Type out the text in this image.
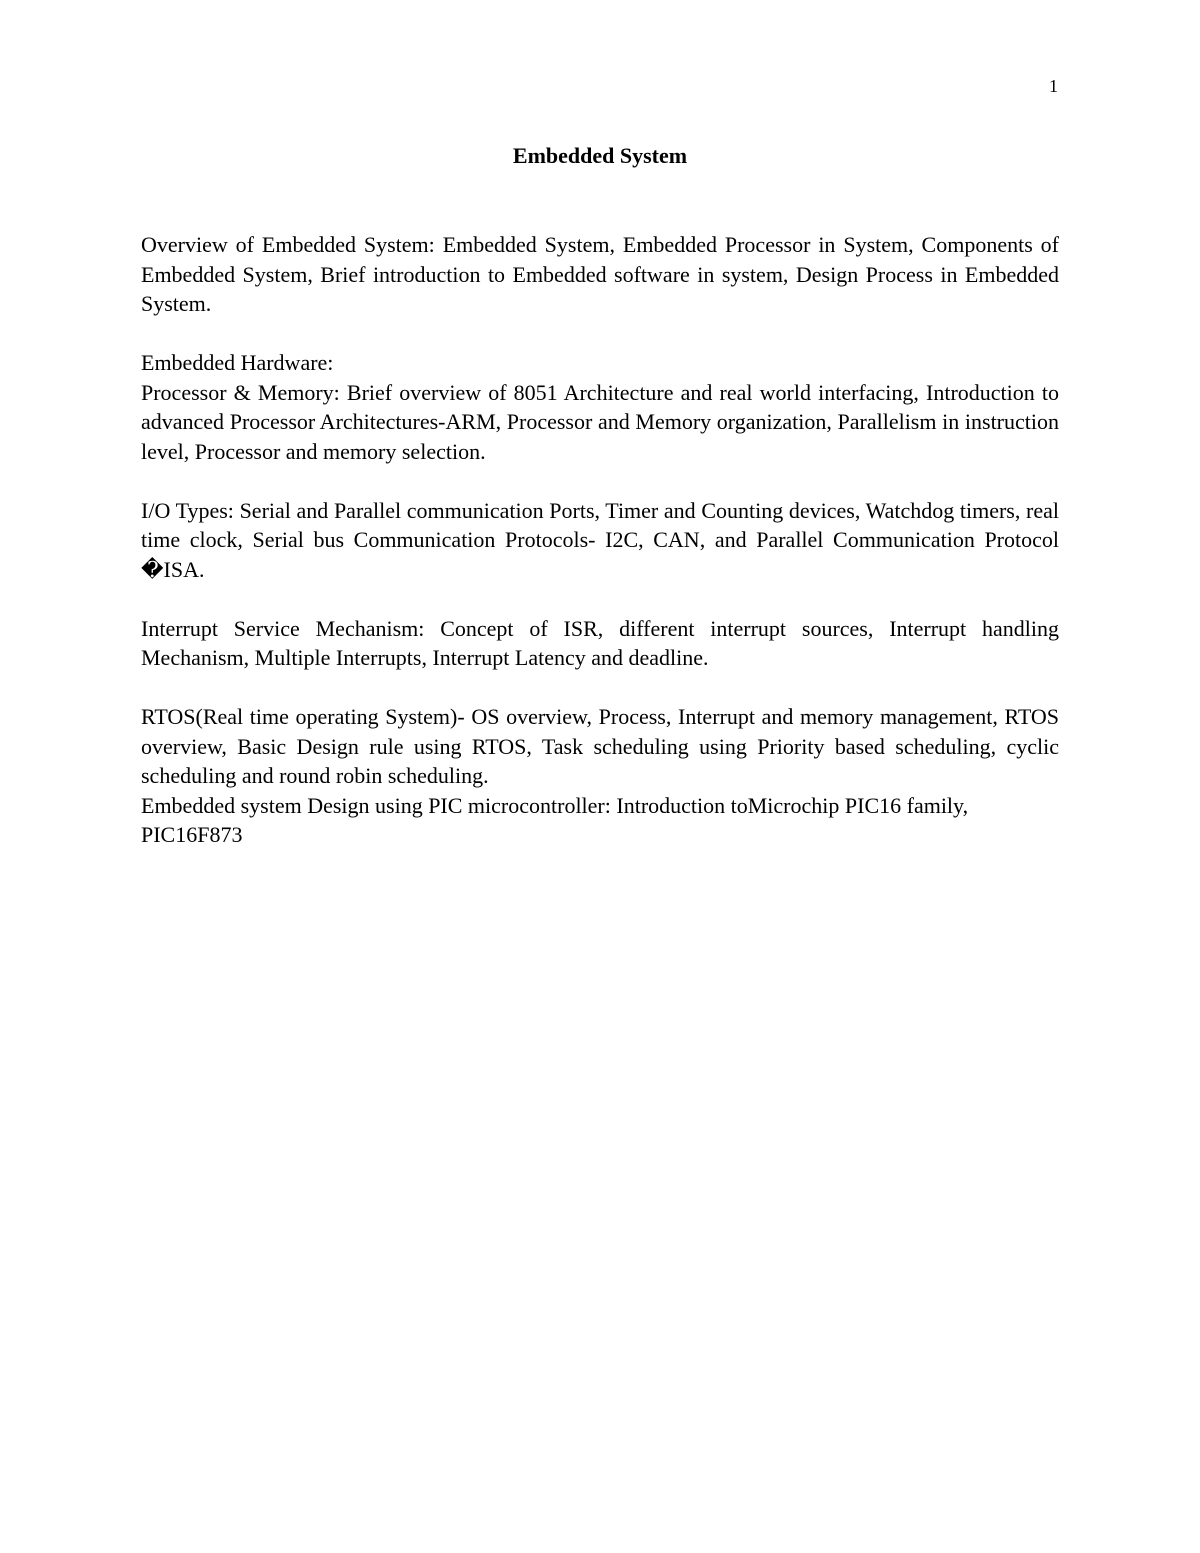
1
Embedded System

Overview of Embedded System: Embedded System, Embedded Processor in System, Components of Embedded System, Brief introduction to Embedded software in system, Design Process in Embedded System.

Embedded Hardware:

Processor & Memory: Brief overview of 8051 Architecture and real world interfacing, Introduction to advanced Processor Architectures-ARM, Processor and Memory organization, Parallelism in instruction level, Processor and memory selection.

I/O Types: Serial and Parallel communication Ports, Timer and Counting devices, Watchdog timers, real time clock, Serial bus Communication Protocols- I2C, CAN, and Parallel Communication Protocol �ISA.

Interrupt Service Mechanism: Concept of ISR, different interrupt sources, Interrupt handling Mechanism, Multiple Interrupts, Interrupt Latency and deadline.

RTOS(Real time operating System)- OS overview, Process, Interrupt and memory management, RTOS overview, Basic Design rule using RTOS, Task scheduling using Priority based scheduling, cyclic scheduling and round robin scheduling.

Embedded system Design using PIC microcontroller: Introduction toMicrochip PIC16 family,

PIC16F873
